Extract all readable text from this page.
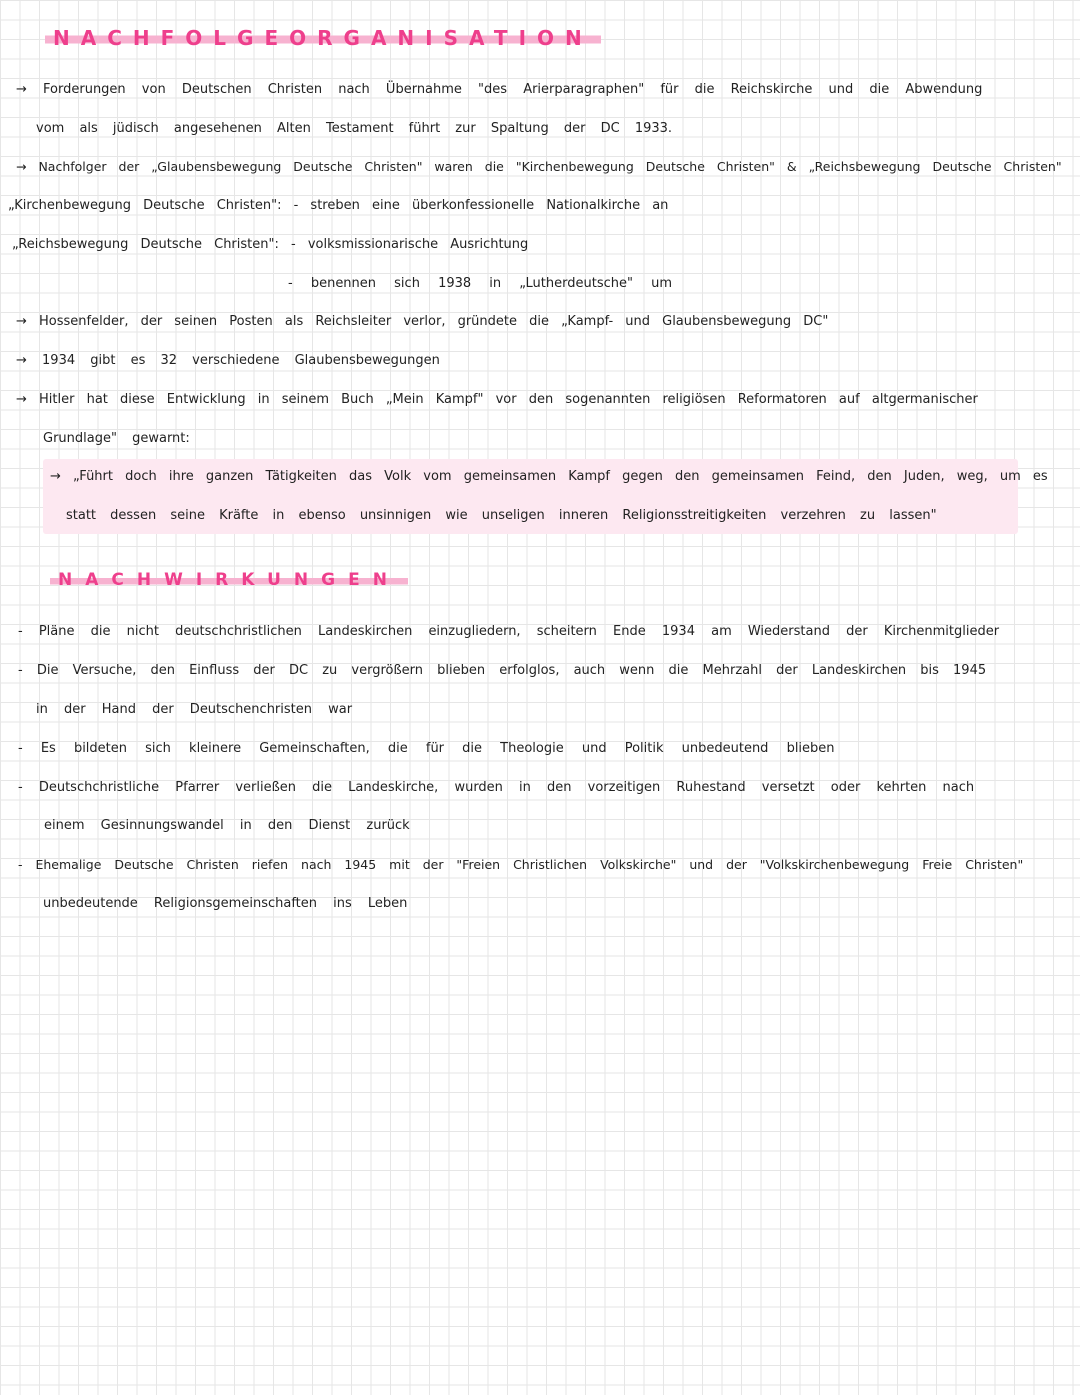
NACHFOLGEORGANISATION
→ Forderungen von Deutschen Christen nach Übernahme "des Arierparagraphen" für die Reichskirche und die Abwendung
vom als jüdisch angesehenen Alten Testament führt zur Spaltung der DC 1933.
→ Nachfolger der „Glaubensbewegung Deutsche Christen" waren die "Kirchenbewegung Deutsche Christen" & „Reichsbewegung Deutsche Christen"
„Kirchenbewegung Deutsche Christen": - streben eine überkonfessionelle Nationalkirche an
„Reichsbewegung Deutsche Christen": - volksmissionarische Ausrichtung
- benennen sich 1938 in „Lutherdeutsche" um
→ Hossenfelder, der seinen Posten als Reichsleiter verlor, gründete die „Kampf- und Glaubensbewegung DC"
→ 1934 gibt es 32 verschiedene Glaubensbewegungen
→ Hitler hat diese Entwicklung in seinem Buch „Mein Kampf" vor den sogenannten religiösen Reformatoren auf altgermanischer
Grundlage" gewarnt:
→ „Führt doch ihre ganzen Tätigkeiten das Volk vom gemeinsamen Kampf gegen den gemeinsamen Feind, den Juden, weg, um es
statt dessen seine Kräfte in ebenso unsinnigen wie unseligen inneren Religionsstreitigkeiten verzehren zu lassen"
NACHWIRKUNGEN
- Pläne die nicht deutschchristlichen Landeskirchen einzugliedern, scheitern Ende 1934 am Wiederstand der Kirchenmitglieder
- Die Versuche, den Einfluss der DC zu vergrößern blieben erfolglos, auch wenn die Mehrzahl der Landeskirchen bis 1945
in der Hand der Deutschenchristen war
- Es bildeten sich kleinere Gemeinschaften, die für die Theologie und Politik unbedeutend blieben
- Deutschchristliche Pfarrer verließen die Landeskirche, wurden in den vorzeitigen Ruhestand versetzt oder kehrten nach
einem Gesinnungswandel in den Dienst zurück
- Ehemalige Deutsche Christen riefen nach 1945 mit der "Freien Christlichen Volkskirche" und der "Volkskirchenbewegung Freie Christen"
unbedeutende Religionsgemeinschaften ins Leben
